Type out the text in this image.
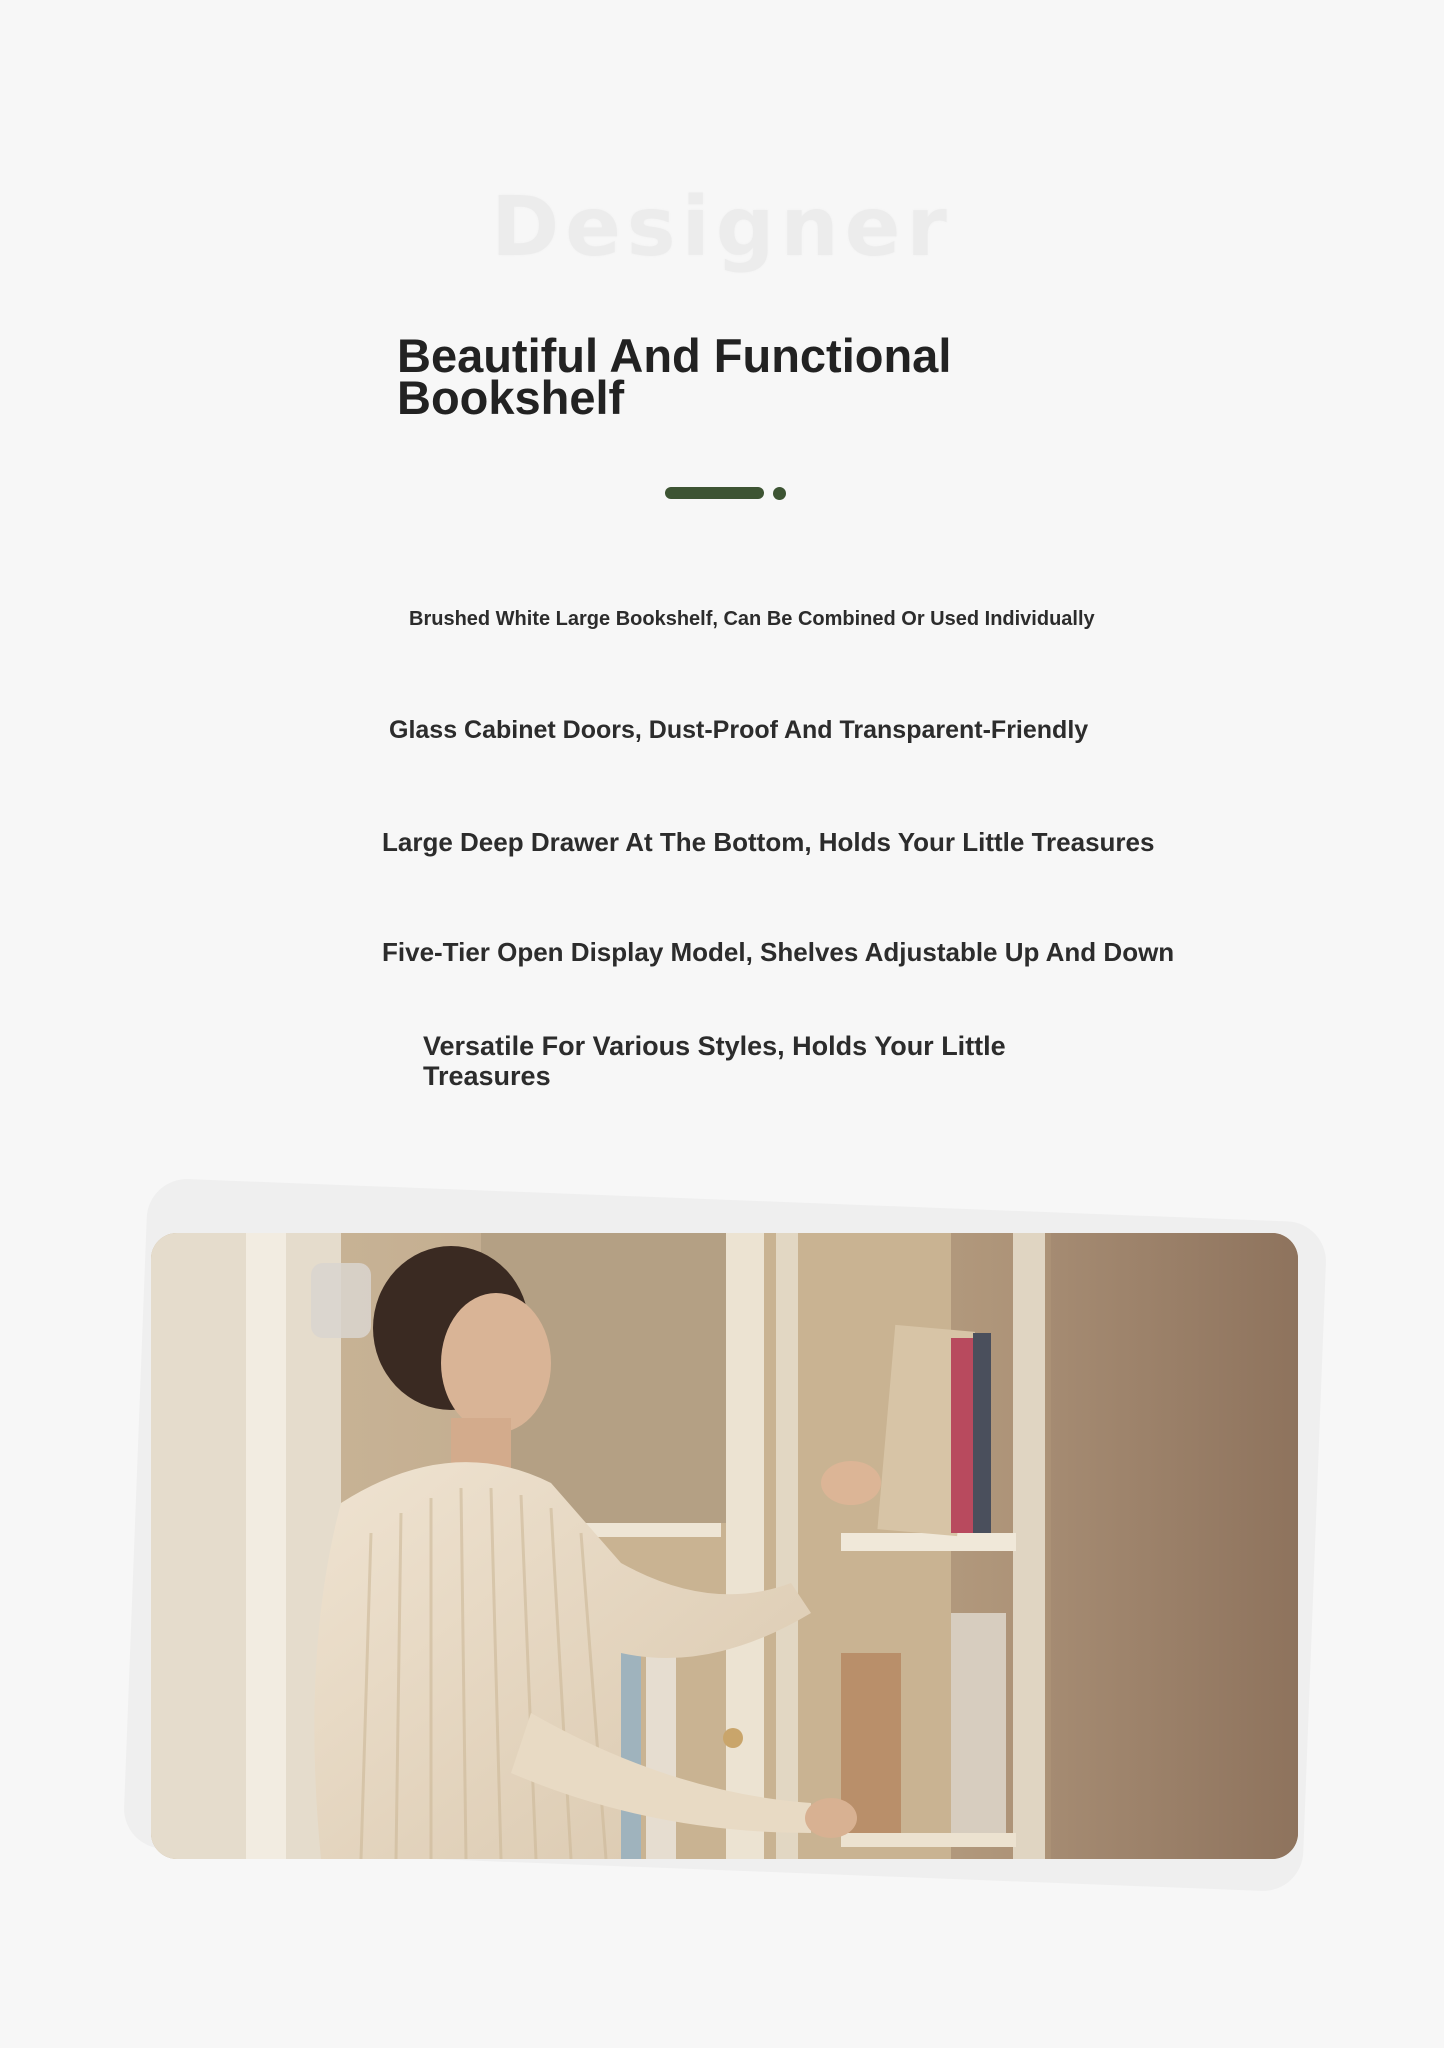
Designer
Beautiful And Functional Bookshelf
Brushed White Large Bookshelf, Can Be Combined Or Used Individually
Glass Cabinet Doors, Dust-Proof And Transparent-Friendly
Large Deep Drawer At The Bottom, Holds Your Little Treasures
Five-Tier Open Display Model, Shelves Adjustable Up And Down
Versatile For Various Styles, Holds Your Little Treasures
